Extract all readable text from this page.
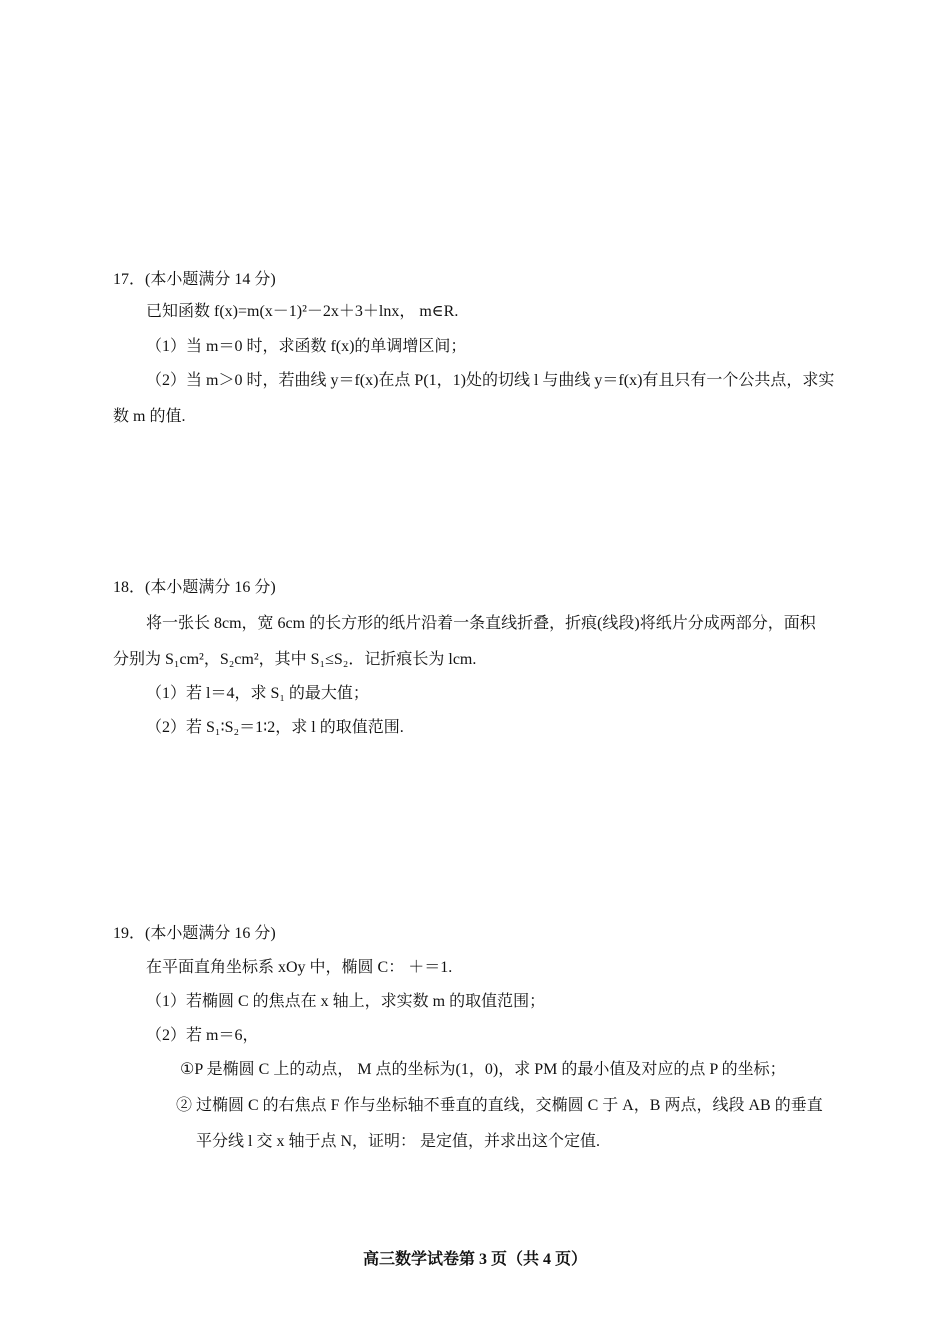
17．(本小题满分 14 分)
已知函数 f(x)=m(x－1)²－2x＋3＋lnx， m∈R.
（1）当 m＝0 时，求函数 f(x)的单调增区间；
（2）当 m＞0 时，若曲线 y＝f(x)在点 P(1，1)处的切线 l 与曲线 y＝f(x)有且只有一个公共点，求实
数 m 的值.
18．(本小题满分 16 分)
将一张长 8cm，宽 6cm 的长方形的纸片沿着一条直线折叠，折痕(线段)将纸片分成两部分，面积
分别为 S₁cm²，S₂cm²，其中 S₁≤S₂．记折痕长为 lcm.
（1）若 l＝4，求 S₁ 的最大值；
（2）若 S₁∶S₂＝1∶2，求 l 的取值范围.
19．(本小题满分 16 分)
在平面直角坐标系 xOy 中，椭圆 C： ＋＝1.
（1）若椭圆 C 的焦点在 x 轴上，求实数 m 的取值范围；
（2）若 m＝6，
①P 是椭圆 C 上的动点， M 点的坐标为(1，0)，求 PM 的最小值及对应的点 P 的坐标；
② 过椭圆 C 的右焦点 F 作与坐标轴不垂直的直线，交椭圆 C 于 A，B 两点，线段 AB 的垂直
平分线 l 交 x 轴于点 N，证明： 是定值，并求出这个定值.
高三数学试卷第 3 页（共 4 页）
